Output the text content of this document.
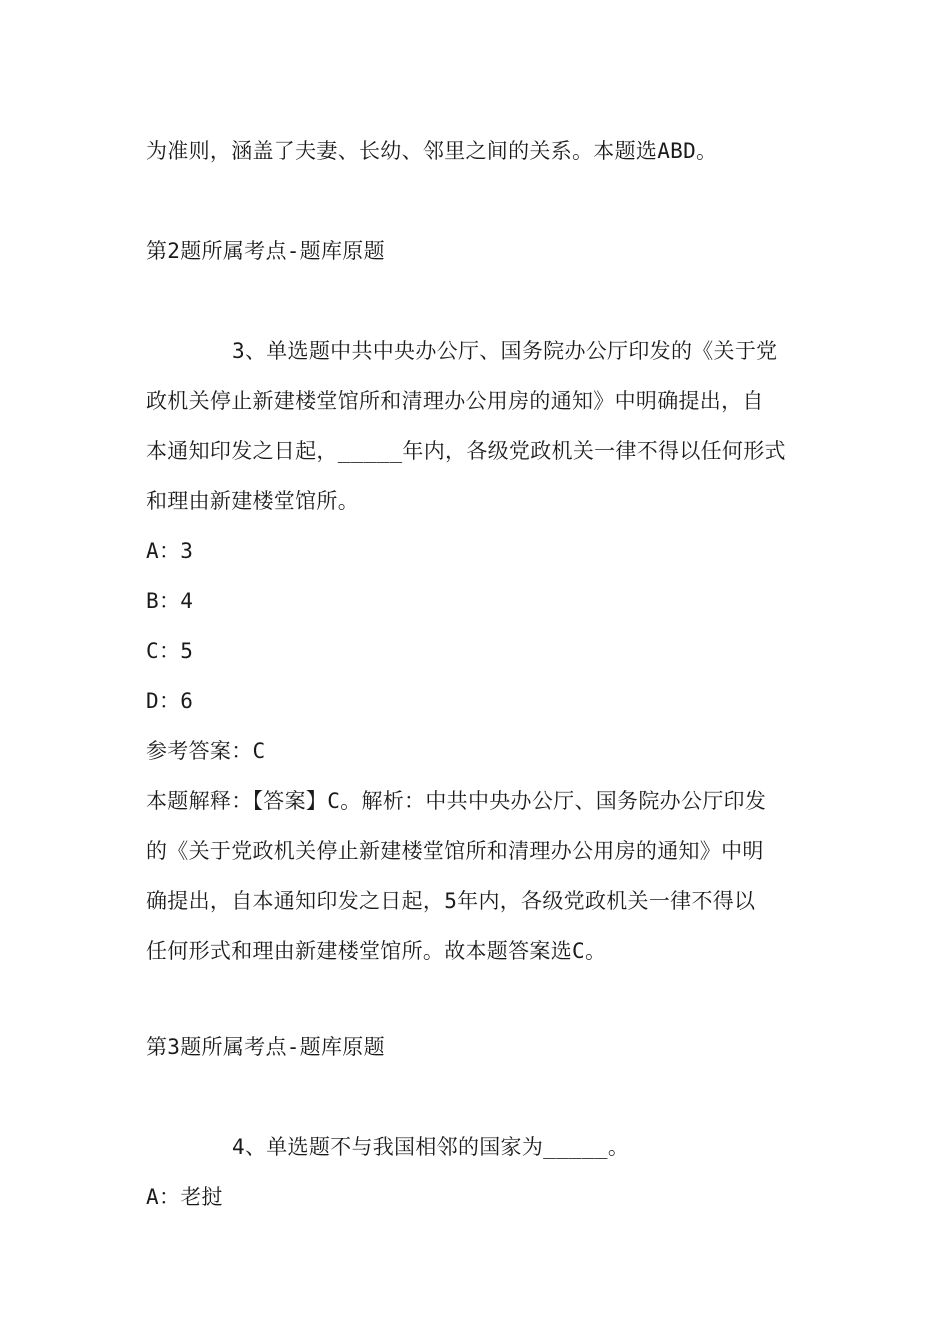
为准则，涵盖了夫妻、长幼、邻里之间的关系。本题选ABD。
第2题所属考点-题库原题
3、单选题中共中央办公厅、国务院办公厅印发的《关于党
政机关停止新建楼堂馆所和清理办公用房的通知》中明确提出，自
本通知印发之日起，_____年内，各级党政机关一律不得以任何形式
和理由新建楼堂馆所。
A：3
B：4
C：5
D：6
参考答案：C
本题解释：【答案】C。解析：中共中央办公厅、国务院办公厅印发
的《关于党政机关停止新建楼堂馆所和清理办公用房的通知》中明
确提出，自本通知印发之日起，5年内，各级党政机关一律不得以
任何形式和理由新建楼堂馆所。故本题答案选C。
第3题所属考点-题库原题
4、单选题不与我国相邻的国家为_____。
A：老挝
